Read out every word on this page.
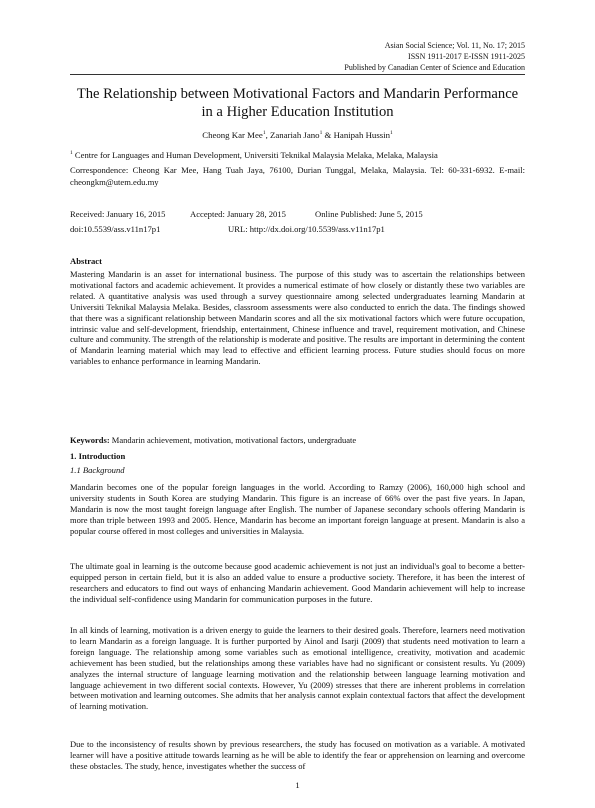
Asian Social Science; Vol. 11, No. 17; 2015
ISSN 1911-2017 E-ISSN 1911-2025
Published by Canadian Center of Science and Education
The Relationship between Motivational Factors and Mandarin Performance in a Higher Education Institution
Cheong Kar Mee$^1$, Zanariah Jano$^1$ & Hanipah Hussin$^1$
$^1$ Centre for Languages and Human Development, Universiti Teknikal Malaysia Melaka, Melaka, Malaysia
Correspondence: Cheong Kar Mee, Hang Tuah Jaya, 76100, Durian Tunggal, Melaka, Malaysia. Tel: 60-331-6932. E-mail: cheongkm@utem.edu.my
Received: January 16, 2015	Accepted: January 28, 2015	Online Published: June 5, 2015
doi:10.5539/ass.v11n17p1	URL: http://dx.doi.org/10.5539/ass.v11n17p1
Abstract
Mastering Mandarin is an asset for international business. The purpose of this study was to ascertain the relationships between motivational factors and academic achievement. It provides a numerical estimate of how closely or distantly these two variables are related. A quantitative analysis was used through a survey questionnaire among selected undergraduates learning Mandarin at Universiti Teknikal Malaysia Melaka. Besides, classroom assessments were also conducted to enrich the data. The findings showed that there was a significant relationship between Mandarin scores and all the six motivational factors which were future occupation, intrinsic value and self-development, friendship, entertainment, Chinese influence and travel, requirement motivation, and Chinese culture and community. The strength of the relationship is moderate and positive. The results are important in determining the content of Mandarin learning material which may lead to effective and efficient learning process. Future studies should focus on more variables to enhance performance in learning Mandarin.
Keywords: Mandarin achievement, motivation, motivational factors, undergraduate
1. Introduction
1.1 Background
Mandarin becomes one of the popular foreign languages in the world. According to Ramzy (2006), 160,000 high school and university students in South Korea are studying Mandarin. This figure is an increase of 66% over the past five years. In Japan, Mandarin is now the most taught foreign language after English. The number of Japanese secondary schools offering Mandarin is more than triple between 1993 and 2005. Hence, Mandarin has become an important foreign language at present. Mandarin is also a popular course offered in most colleges and universities in Malaysia.
The ultimate goal in learning is the outcome because good academic achievement is not just an individual's goal to become a better-equipped person in certain field, but it is also an added value to ensure a productive society. Therefore, it has been the interest of researchers and educators to find out ways of enhancing Mandarin achievement. Good Mandarin achievement will help to increase the individual self-confidence using Mandarin for communication purposes in the future.
In all kinds of learning, motivation is a driven energy to guide the learners to their desired goals. Therefore, learners need motivation to learn Mandarin as a foreign language. It is further purported by Ainol and Isarji (2009) that students need motivation to learn a foreign language. The relationship among some variables such as emotional intelligence, creativity, motivation and academic achievement has been studied, but the relationships among these variables have had no significant or consistent results. Yu (2009) analyzes the internal structure of language learning motivation and the relationship between language learning motivation and language achievement in two different social contexts. However, Yu (2009) stresses that there are inherent problems in correlation between motivation and learning outcomes. She admits that her analysis cannot explain contextual factors that affect the development of learning motivation.
Due to the inconsistency of results shown by previous researchers, the study has focused on motivation as a variable. A motivated learner will have a positive attitude towards learning as he will be able to identify the fear or apprehension on learning and overcome these obstacles. The study, hence, investigates whether the success of
1
